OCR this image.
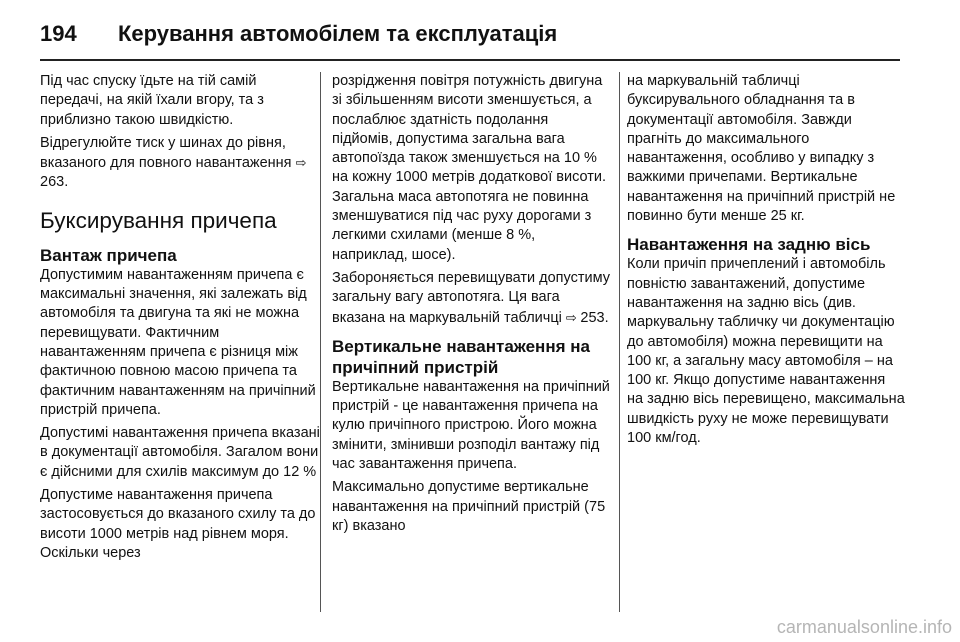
194	Керування автомобілем та експлуатація

Під час спуску їдьте на тій самій передачі, на якій їхали вгору, та з приблизно такою швидкістю.

Відрегулюйте тиск у шинах до рівня, вказаного для повного навантаження ⇨ 263.

Буксирування причепа
Вантаж причепа

Допустимим навантаженням причепа є максимальні значення, які залежать від автомобіля та двигуна та які не можна перевищувати. Фактичним навантаженням причепа є різниця між фактичною повною масою причепа та фактичним навантаженням на причіпний пристрій причепа.

Допустимі навантаження причепа вказані в документації автомобіля. Загалом вони є дійсними для схилів максимум до 12 %

Допустиме навантаження причепа застосовується до вказаного схилу та до висоти 1000 метрів над рівнем моря. Оскільки через

розрідження повітря потужність двигуна зі збільшенням висоти зменшується, а послаблює здатність подолання підйомів, допустима загальна вага автопоїзда також зменшується на 10 % на кожну 1000 метрів додаткової висоти. Загальна маса автопотяга не повинна зменшуватися під час руху дорогами з легкими схилами (менше 8 %, наприклад, шосе).

Забороняється перевищувати допустиму загальну вагу автопотяга. Ця вага вказана на маркувальній табличці ⇨ 253.

Вертикальне навантаження на причіпний пристрій

Вертикальне навантаження на причіпний пристрій - це навантаження причепа на кулю причіпного пристрою. Його можна змінити, змінивши розподіл вантажу під час завантаження причепа.

Максимально допустиме вертикальне навантаження на причіпний пристрій (75 кг) вказано

на маркувальній табличці буксирувального обладнання та в документації автомобіля. Завжди прагніть до максимального навантаження, особливо у випадку з важкими причепами. Вертикальне навантаження на причіпний пристрій не повинно бути менше 25 кг.

Навантаження на задню вісь

Коли причіп причеплений і автомобіль повністю завантажений, допустиме навантаження на задню вісь (див. маркувальну табличку чи документацію до автомобіля) можна перевищити на 100 кг, а загальну масу автомобіля – на 100 кг. Якщо допустиме навантаження на задню вісь перевищено, максимальна швидкість руху не може перевищувати 100 км/год.

carmanualsonline.info
